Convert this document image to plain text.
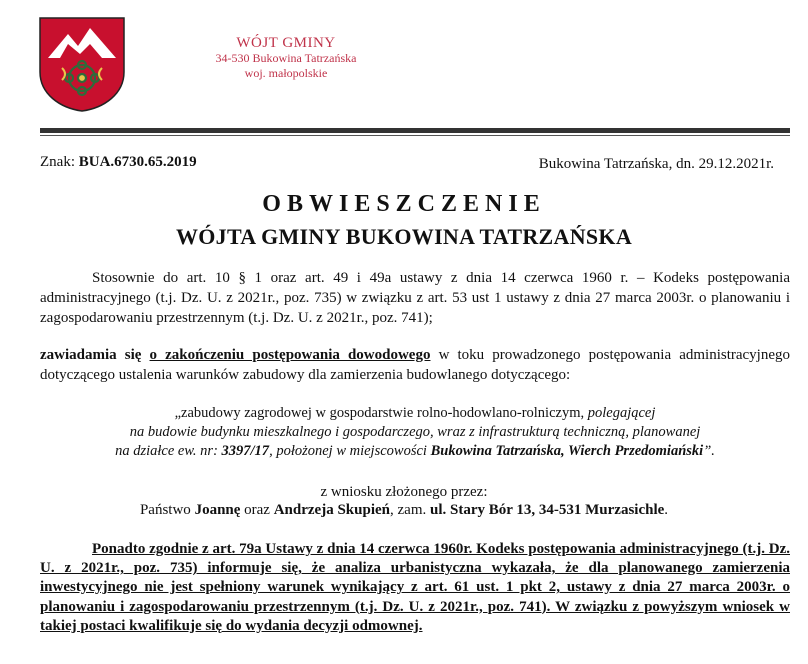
WÓJT GMINY
34-530 Bukowina Tatrzańska
woj. małopolskie
Znak: BUA.6730.65.2019	Bukowina Tatrzańska, dn. 29.12.2021r.
OBWIESZCZENIE
WÓJTA GMINY BUKOWINA TATRZAŃSKA
Stosownie do art. 10 § 1 oraz art. 49 i 49a ustawy z dnia 14 czerwca 1960 r. – Kodeks postępowania administracyjnego (t.j. Dz. U. z 2021r., poz. 735) w związku z art. 53 ust 1 ustawy z dnia 27 marca 2003r. o planowaniu i zagospodarowaniu przestrzennym (t.j. Dz. U. z 2021r., poz. 741);
zawiadamia się o zakończeniu postępowania dowodowego w toku prowadzonego postępowania administracyjnego dotyczącego ustalenia warunków zabudowy dla zamierzenia budowlanego dotyczącego:
„zabudowy zagrodowej w gospodarstwie rolno-hodowlano-rolniczym, polegającej
na budowie budynku mieszkalnego i gospodarczego, wraz z infrastrukturą techniczną, planowanej
na działce ew. nr: 3397/17, położonej w miejscowości Bukowina Tatrzańska, Wierch Przedomiański”.
z wniosku złożonego przez:
Państwo Joannę oraz Andrzeja Skupień, zam. ul. Stary Bór 13, 34-531 Murzasichle.
Ponadto zgodnie z art. 79a Ustawy z dnia 14 czerwca 1960r. Kodeks postępowania administracyjnego (t.j. Dz. U. z 2021r., poz. 735) informuje się, że analiza urbanistyczna wykazała, że dla planowanego zamierzenia inwestycyjnego nie jest spełniony warunek wynikający z art. 61 ust. 1 pkt 2, ustawy z dnia 27 marca 2003r. o planowaniu i zagospodarowaniu przestrzennym (t.j. Dz. U. z 2021r., poz. 741). W związku z powyższym wniosek w takiej postaci kwalifikuje się do wydania decyzji odmownej.
